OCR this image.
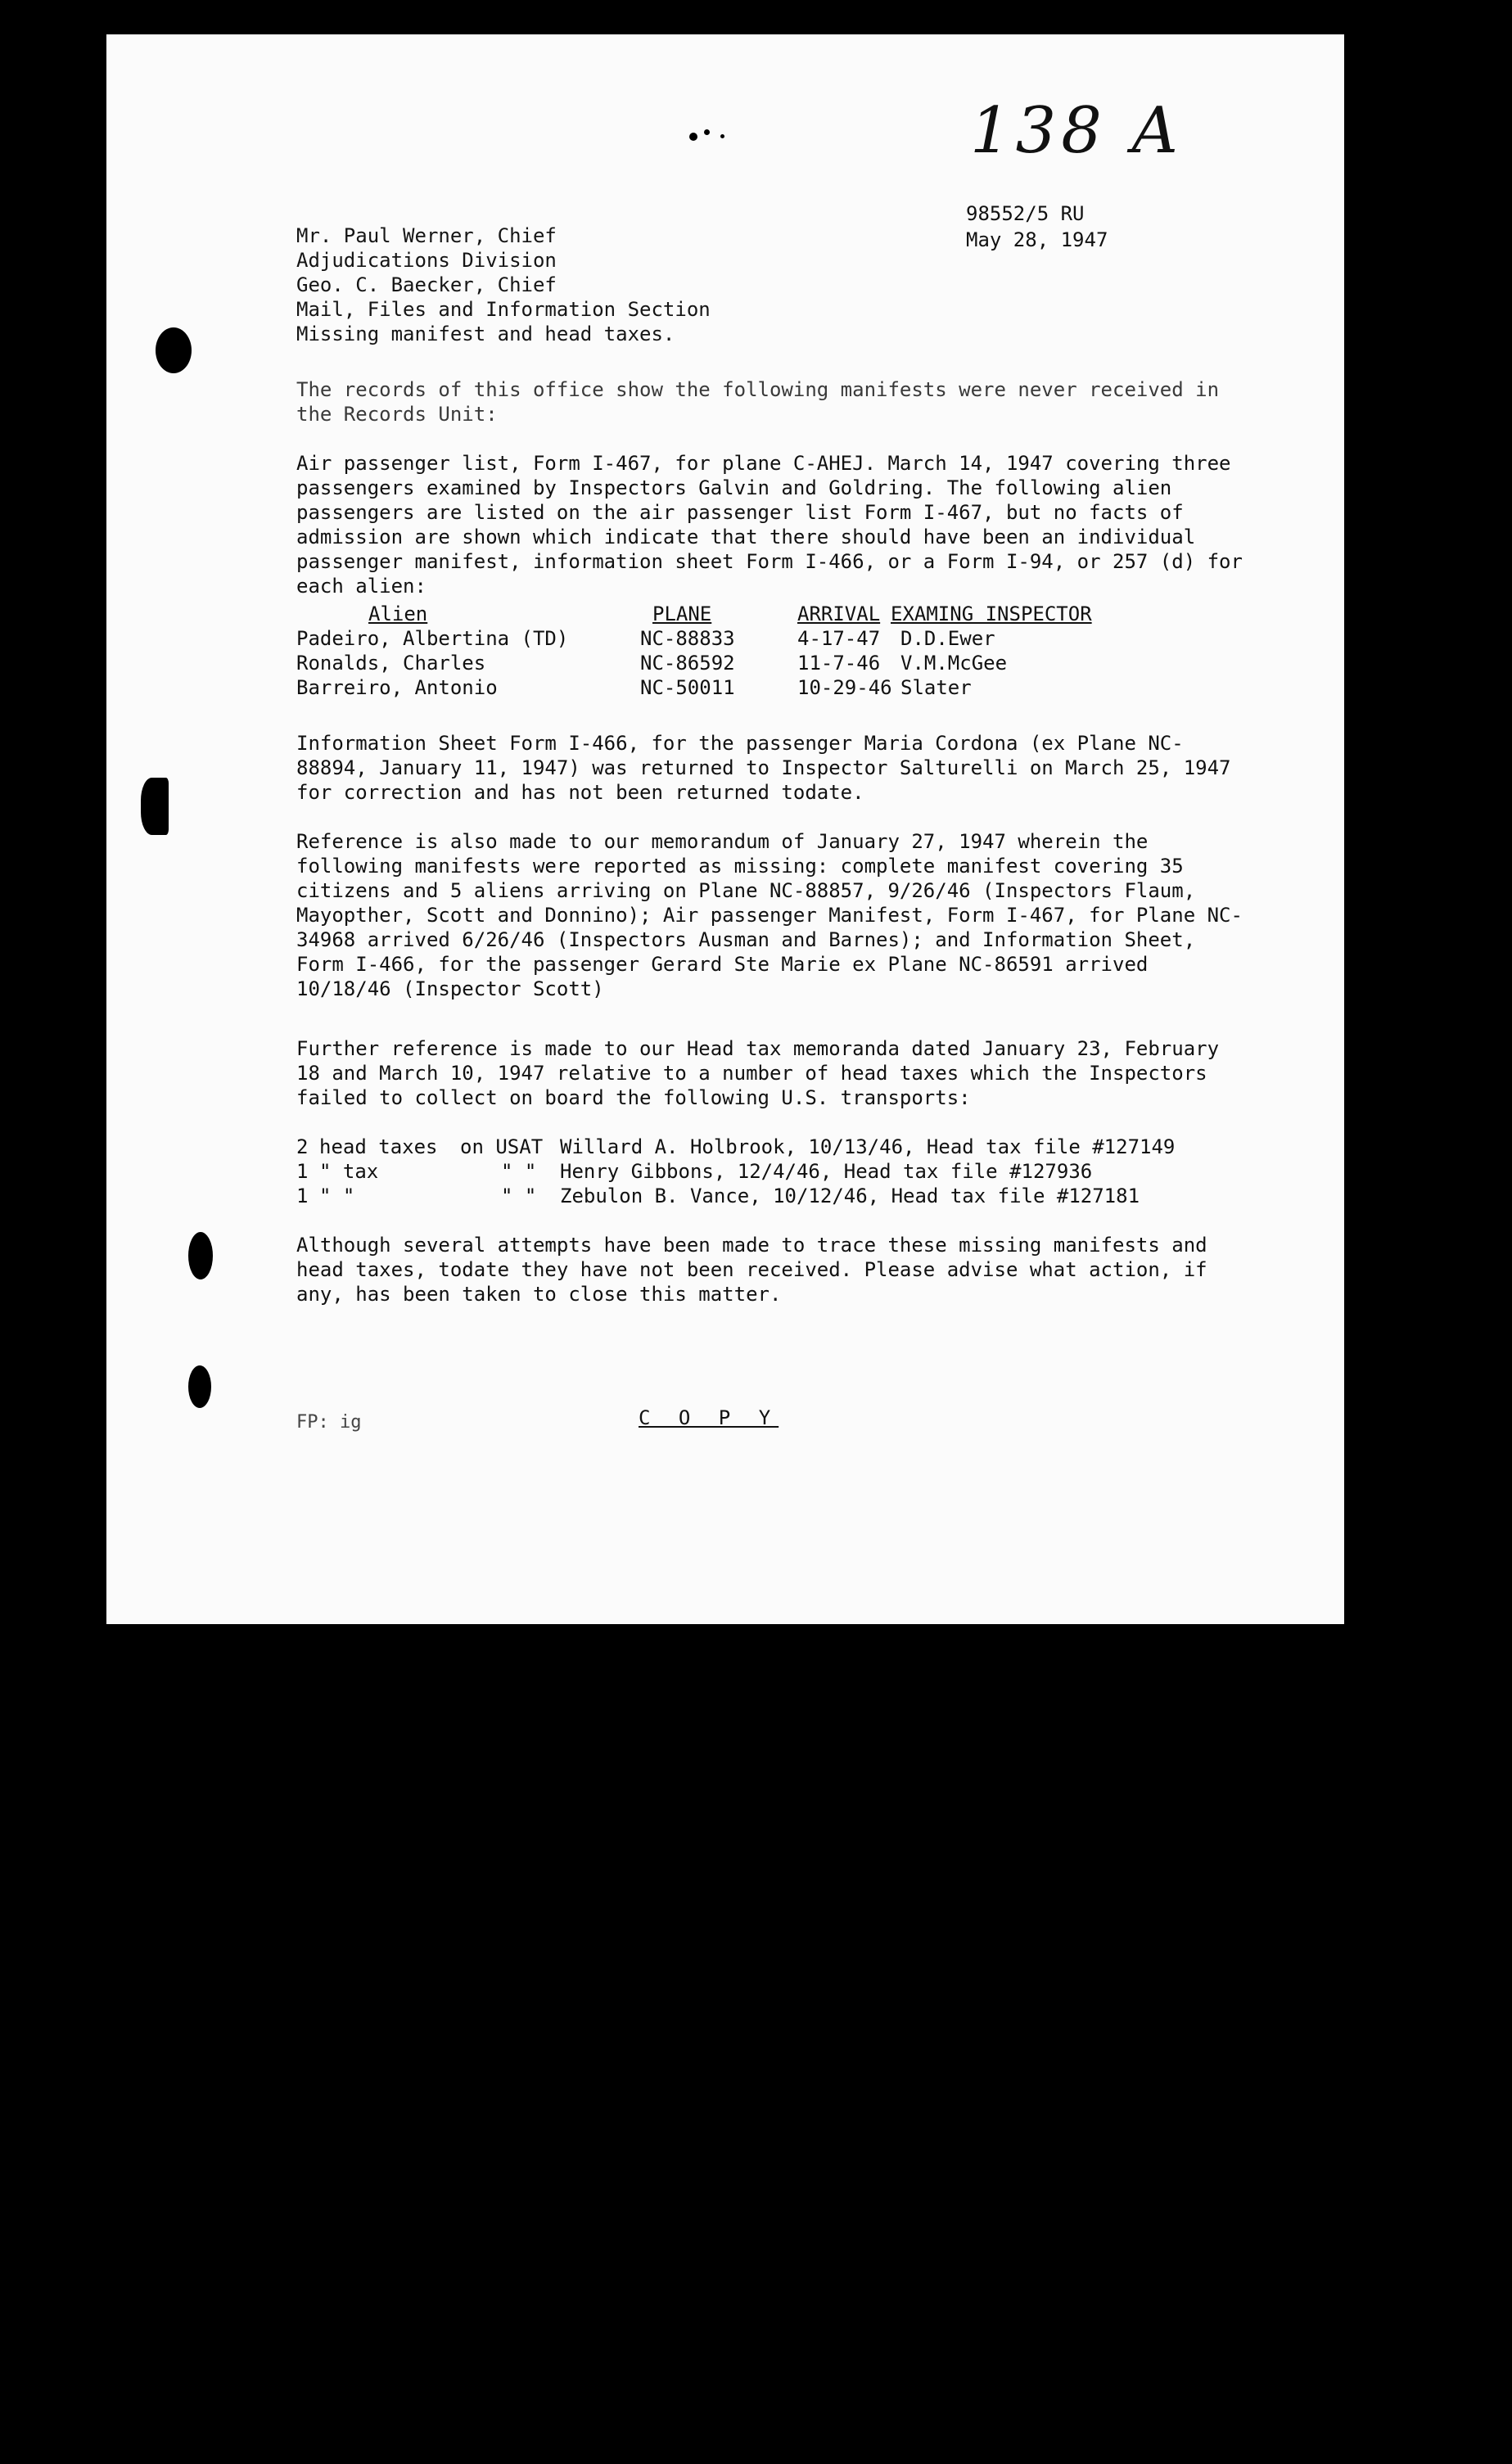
138 A
98552/5 RU
May 28, 1947
Mr. Paul Werner, Chief
Adjudications Division
Geo. C. Baecker, Chief
Mail, Files and Information Section
Missing manifest and head taxes.
The records of this office show the following manifests were never received in the Records Unit:
Air passenger list, Form I-467, for plane C-AHEJ. March 14, 1947 covering three passengers examined by Inspectors Galvin and Goldring. The following alien passengers are listed on the air passenger list Form I-467, but no facts of admission are shown which indicate that there should have been an individual passenger manifest, information sheet Form I-466, or a Form I-94, or 257 (d) for each alien:
Alien	PLANE	ARRIVAL EXAMING INSPECTOR
Padeiro, Albertina (TD)	NC-88833	4-17-47 D.D.Ewer
Ronalds, Charles	NC-86592	11-7-46 V.M.McGee
Barreiro, Antonio	NC-50011	10-29-46 Slater
Information Sheet Form I-466, for the passenger Maria Cordona (ex Plane NC-88894, January 11, 1947) was returned to Inspector Salturelli on March 25, 1947 for correction and has not been returned todate.
Reference is also made to our memorandum of January 27, 1947 wherein the following manifests were reported as missing: complete manifest covering 35 citizens and 5 aliens arriving on Plane NC-88857, 9/26/46 (Inspectors Flaum, Mayopther, Scott and Donnino); Air passenger Manifest, Form I-467, for Plane NC-34968 arrived 6/26/46 (Inspectors Ausman and Barnes); and Information Sheet, Form I-466, for the passenger Gerard Ste Marie ex Plane NC-86591 arrived 10/18/46 (Inspector Scott)
Further reference is made to our Head tax memoranda dated January 23, February 18 and March 10, 1947 relative to a number of head taxes which the Inspectors failed to collect on board the following U.S. transports:
2 head taxes on USAT Willard A. Holbrook, 10/13/46, Head tax file #127149
1 " tax	" " Henry Gibbons, 12/4/46, Head tax file #127936
1 " "	" " Zebulon B. Vance, 10/12/46, Head tax file #127181
Although several attempts have been made to trace these missing manifests and head taxes, todate they have not been received. Please advise what action, if any, has been taken to close this matter.
FP: ig	C O P Y
